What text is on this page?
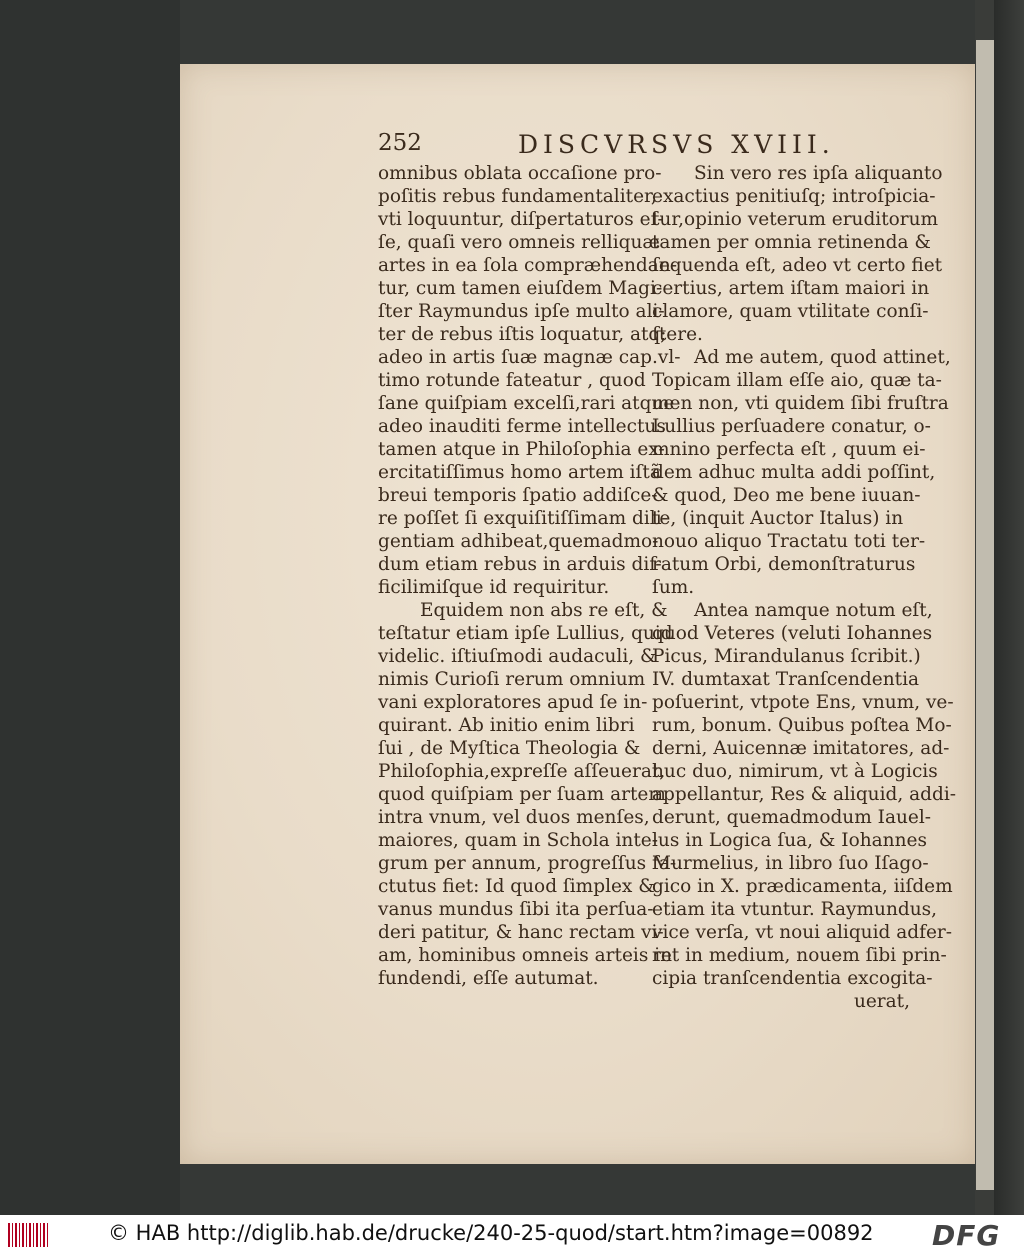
252	DISCVRSVS XVIII.
omnibus oblata occaſione pro-
poſitis rebus fundamentaliter,
vti loquuntur, diſpertaturos eſ-
ſe, quaſi vero omneis relliquæ
artes in ea ſola compræhendan-
tur, cum tamen eiuſdem Magi-
ſter Raymundus ipſe multo ali-
ter de rebus iſtis loquatur, atq;
adeo in artis ſuæ magnæ cap.vl-
timo rotunde fateatur , quod
ſane quiſpiam excelſi,rari atque
adeo inauditi ferme intellectus
tamen atque in Philoſophia ex-
ercitatiſſimus homo artem iſtã
breui temporis ſpatio addiſce-
re poſſet ſi exquiſitiſſimam dili-
gentiam adhibeat,quemadmo-
dum etiam rebus in arduis dif-
ficilimiſque id requiritur.
Equidem non abs re eſt, &
teſtatur etiam ipſe Lullius, quid
videlic. iſtiuſmodi audaculi, &
nimis Curioſi rerum omnium
vani exploratores apud ſe in-
quirant. Ab initio enim libri
ſui , de Myſtica Theologia &
Philoſophia,expreſſe aſſeuerat,
quod quiſpiam per ſuam artem
intra vnum, vel duos menſes,
maiores, quam in Schola inte-
grum per annum, progreſſus fa-
ctutus fiet: Id quod ſimplex &
vanus mundus ſibi ita perſua-
deri patitur, & hanc rectam vi-
am, hominibus omneis arteis in
fundendi, eſſe autumat.
Sin vero res ipſa aliquanto
exactius penitiuſq; introſpicia-
tur,opinio veterum eruditorum
tamen per omnia retinenda &
ſequenda eſt, adeo vt certo fiet
certius, artem iſtam maiori in
clamore, quam vtilitate conſi-
ſtere.
Ad me autem, quod attinet,
Topicam illam eſſe aio, quæ ta-
men non, vti quidem ſibi fruſtra
Lullius perſuadere conatur, o-
mnino perfecta eſt , quum ei-
dem adhuc multa addi poſſint,
& quod, Deo me bene iuuan-
te, (inquit Auctor Italus) in
nouo aliquo Tractatu toti ter-
ratum Orbi, demonſtraturus
ſum.
Antea namque notum eſt,
quod Veteres (veluti Iohannes
Picus, Mirandulanus ſcribit.)
IV. dumtaxat Tranſcendentia
poſuerint, vtpote Ens, vnum, ve-
rum, bonum. Quibus poſtea Mo-
derni, Auicennæ imitatores, ad-
huc duo, nimirum, vt à Logicis
appellantur, Res & aliquid, addi-
derunt, quemadmodum Iauel-
lus in Logica ſua, & Iohannes
Murmelius, in libro ſuo Iſago-
gico in X. prædicamenta, iiſdem
etiam ita vtuntur. Raymundus,
vice verſa, vt noui aliquid adfer-
ret in medium, nouem ſibi prin-
cipia tranſcendentia excogita-
uerat,
© HAB http://diglib.hab.de/drucke/240-25-quod/start.htm?image=00892 DFG
